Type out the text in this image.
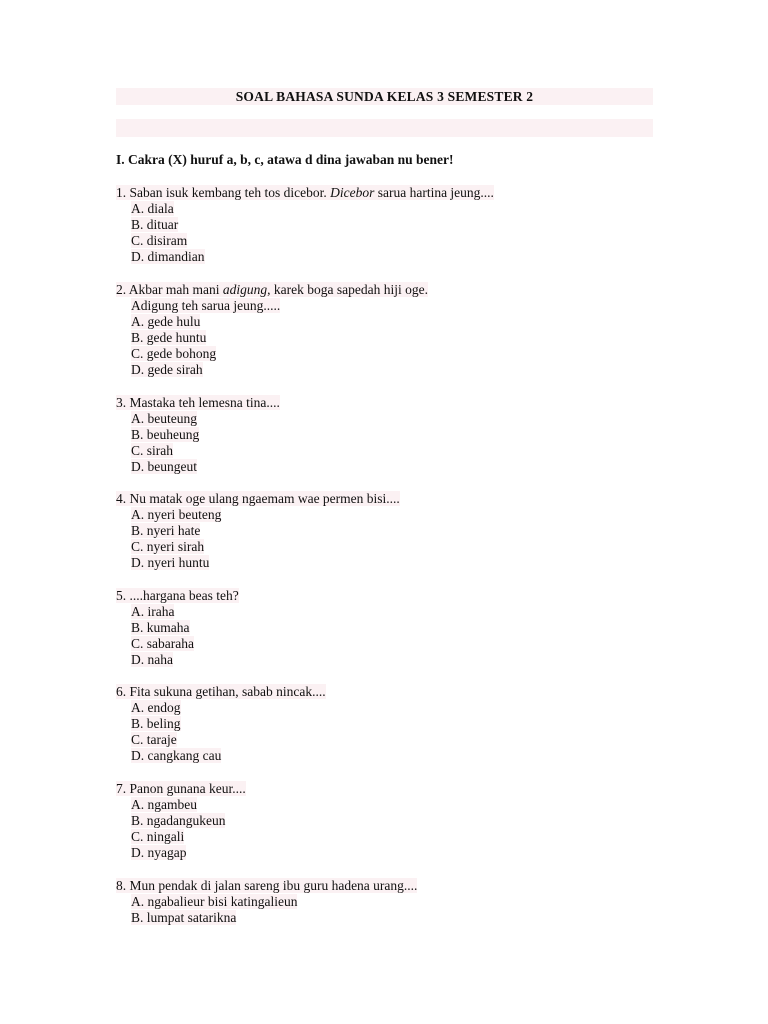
SOAL BAHASA SUNDA KELAS 3 SEMESTER 2
I. Cakra (X) huruf a, b, c, atawa d dina jawaban nu bener!
1. Saban isuk kembang teh tos dicebor. Dicebor sarua hartina jeung....
A. diala
B. dituar
C. disiram
D. dimandian
2. Akbar mah mani adigung, karek boga sapedah hiji oge.
Adigung teh sarua jeung.....
A. gede hulu
B. gede huntu
C. gede bohong
D. gede sirah
3. Mastaka teh lemesna tina....
A. beuteung
B. beuheung
C. sirah
D. beungeut
4. Nu matak oge ulang ngaemam wae permen bisi....
A. nyeri beuteng
B. nyeri hate
C. nyeri sirah
D. nyeri huntu
5. ....hargana beas teh?
A. iraha
B. kumaha
C. sabaraha
D. naha
6. Fita sukuna getihan, sabab nincak....
A. endog
B. beling
C. taraje
D. cangkang cau
7. Panon gunana keur....
A. ngambeu
B. ngadangukeun
C. ningali
D. nyagap
8. Mun pendak di jalan sareng ibu guru hadena urang....
A. ngabalieur bisi katingalieun
B. lumpat satarikna
